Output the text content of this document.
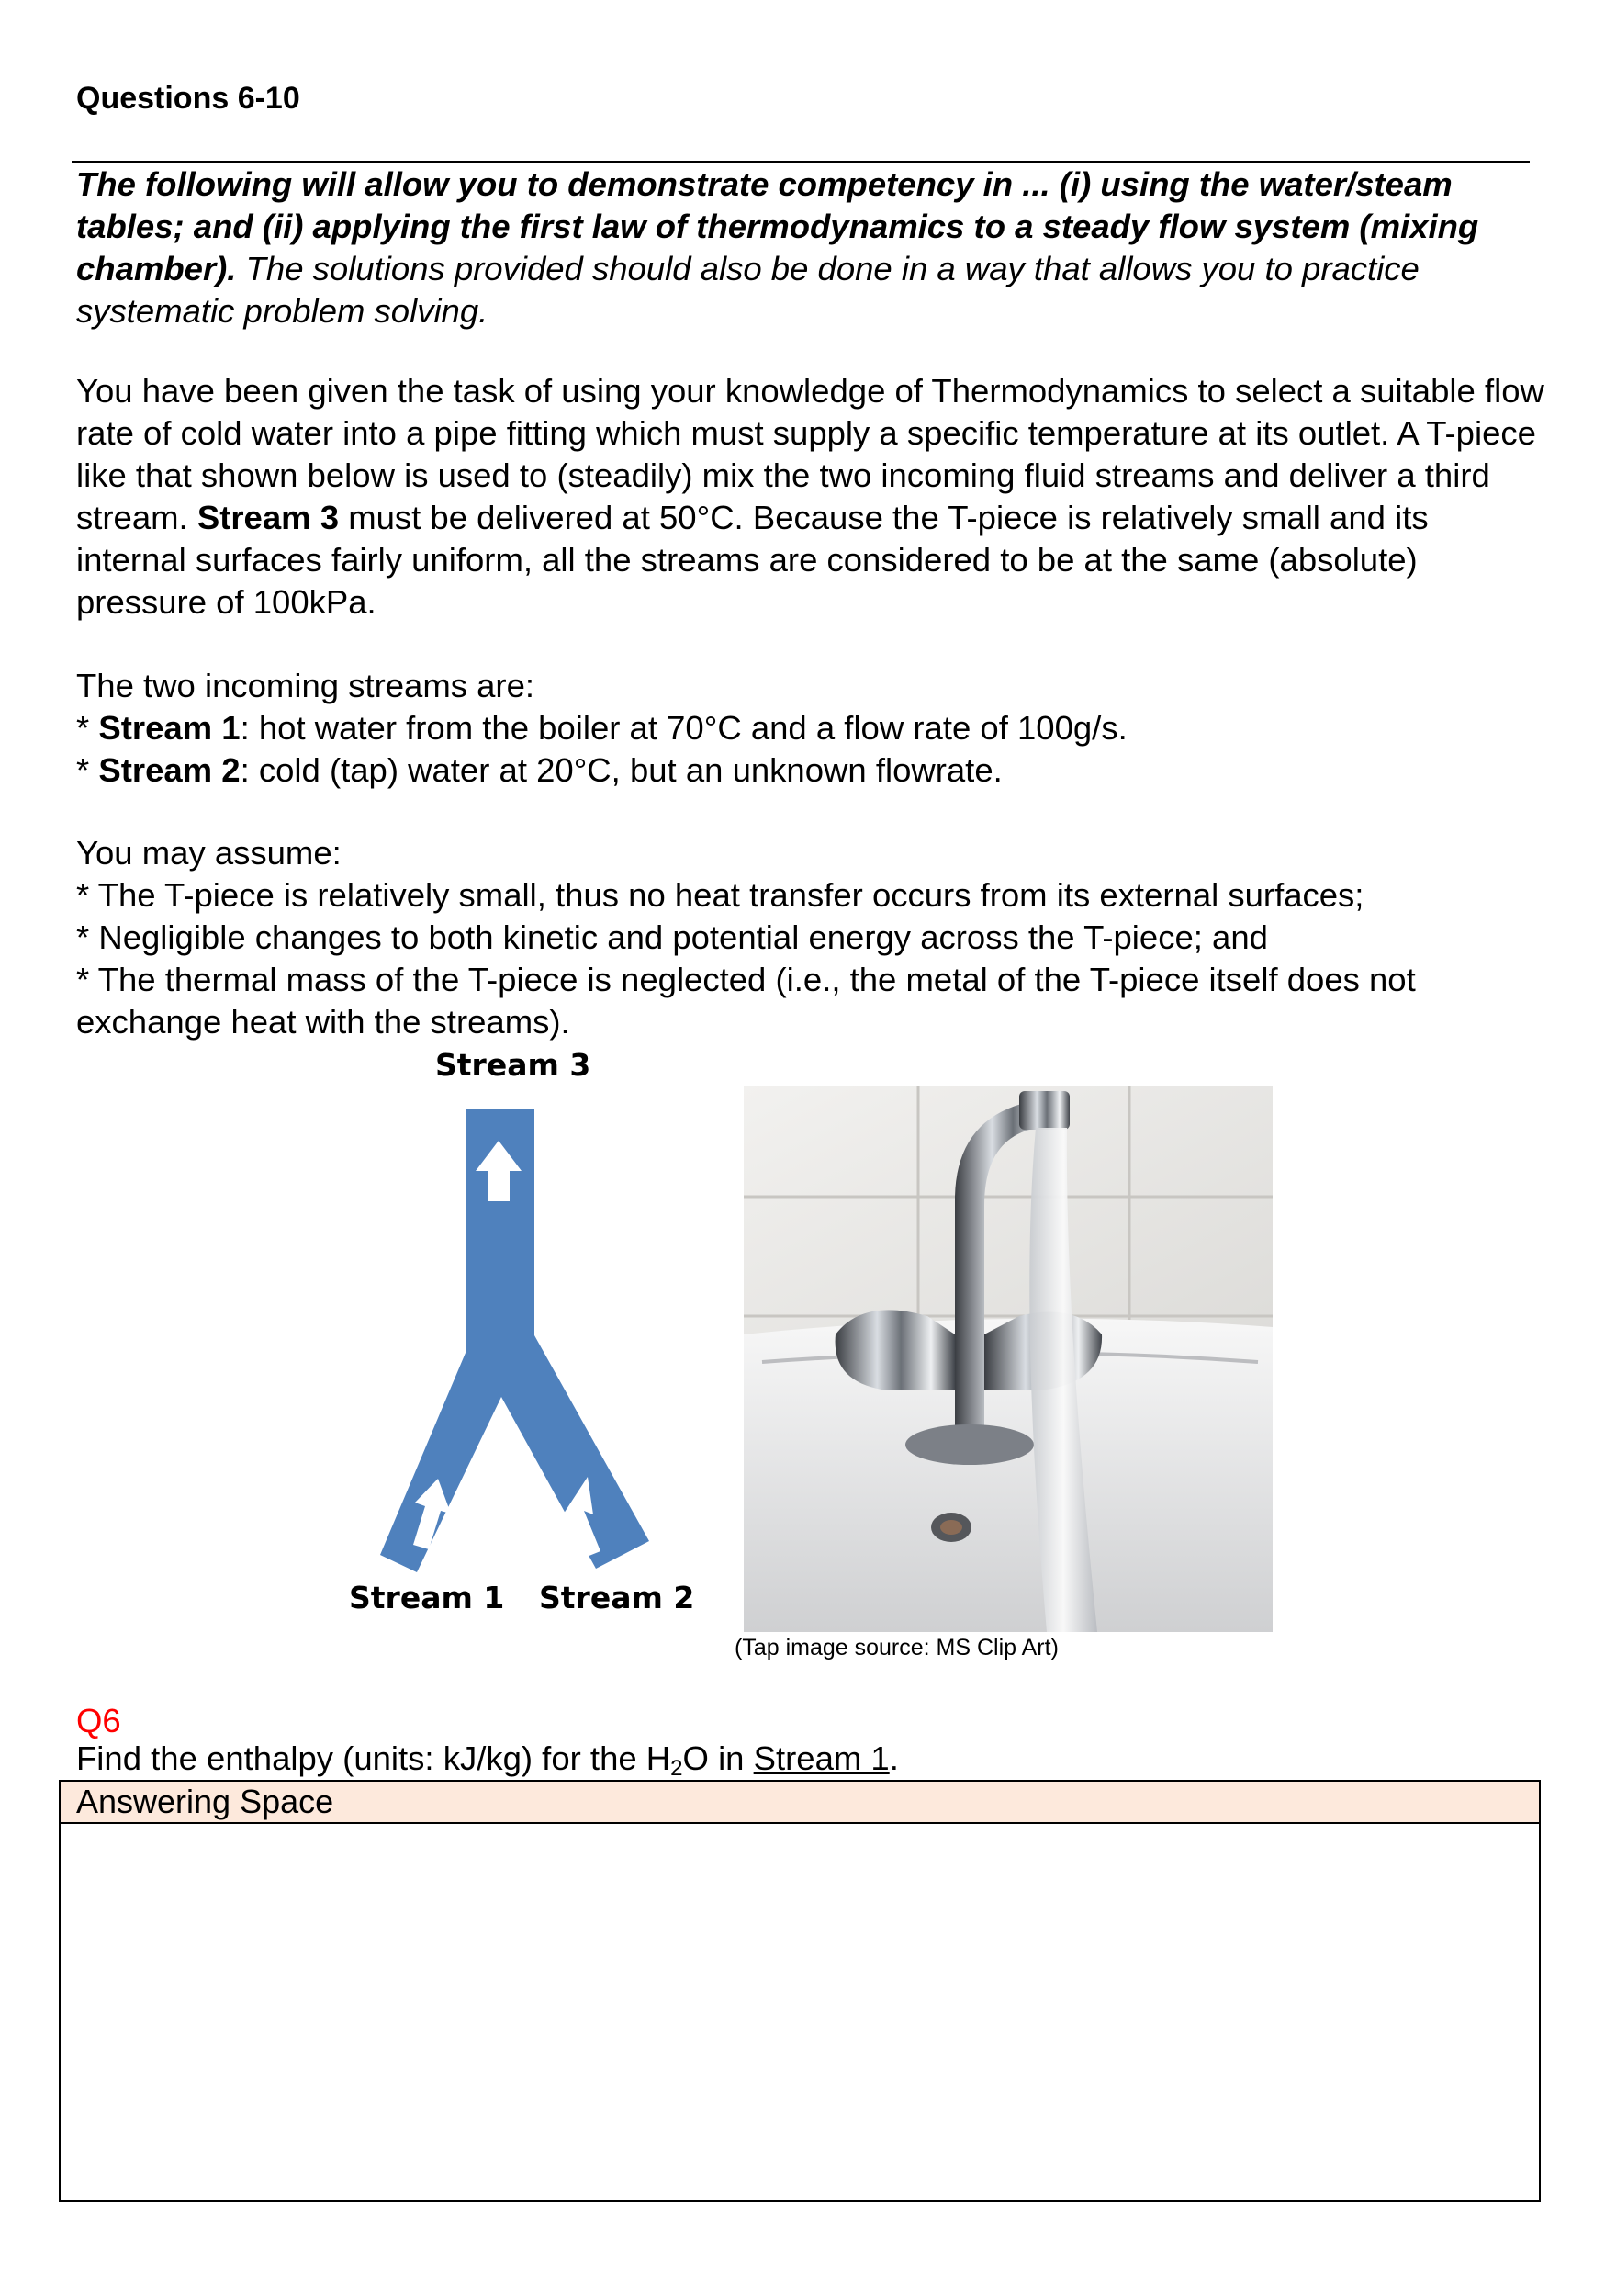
Questions 6-10

The following will allow you to demonstrate competency in ... (i) using the water/steam tables; and (ii) applying the first law of thermodynamics to a steady flow system (mixing chamber). The solutions provided should also be done in a way that allows you to practice systematic problem solving.

You have been given the task of using your knowledge of Thermodynamics to select a suitable flow rate of cold water into a pipe fitting which must supply a specific temperature at its outlet. A T-piece like that shown below is used to (steadily) mix the two incoming fluid streams and deliver a third stream. Stream 3 must be delivered at 50°C. Because the T-piece is relatively small and its internal surfaces fairly uniform, all the streams are considered to be at the same (absolute) pressure of 100kPa.

The two incoming streams are:

* Stream 1: hot water from the boiler at 70°C and a flow rate of 100g/s.

* Stream 2: cold (tap) water at 20°C, but an unknown flowrate.

You may assume:

* The T-piece is relatively small, thus no heat transfer occurs from its external surfaces;

* Negligible changes to both kinetic and potential energy across the T-piece; and

* The thermal mass of the T-piece is neglected (i.e., the metal of the T-piece itself does not exchange heat with the streams).

Stream 3
Stream 1 Stream 2
(Tap image source: MS Clip Art)
Q6
Find the enthalpy (units: kJ/kg) for the $H_2O$ in Stream 1.
Answering Space
